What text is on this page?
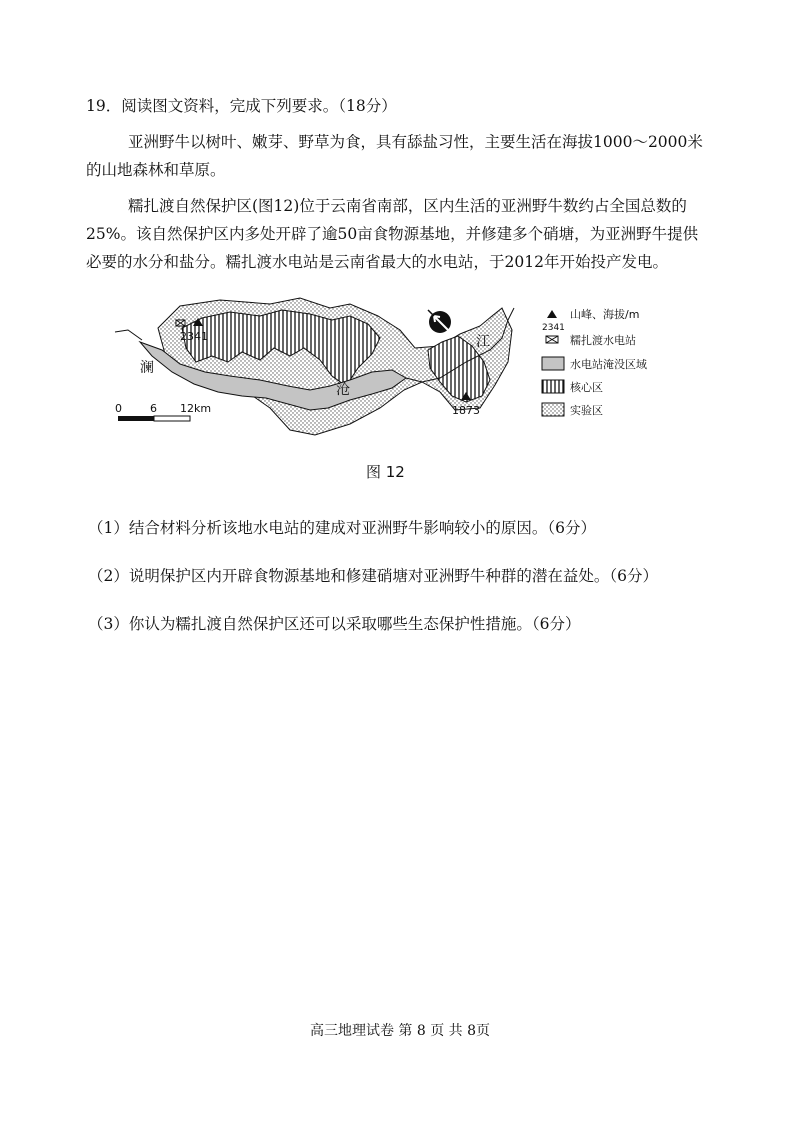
19．阅读图文资料，完成下列要求。（18分）
亚洲野牛以树叶、嫩芽、野草为食，具有舔盐习性，主要生活在海拔1000～2000米
的山地森林和草原。
糯扎渡自然保护区(图12)位于云南省南部，区内生活的亚洲野牛数约占全国总数的
25%。该自然保护区内多处开辟了逾50亩食物源基地，并修建多个硝塘，为亚洲野牛提供
必要的水分和盐分。糯扎渡水电站是云南省最大的水电站，于2012年开始投产发电。
2341
1873
澜
沧
江
0	6 12km
2341
山峰、海拔/m
糯扎渡水电站
水电站淹没区域
核心区
实验区
图 12
（1）结合材料分析该地水电站的建成对亚洲野牛影响较小的原因。（6分）
（2）说明保护区内开辟食物源基地和修建硝塘对亚洲野牛种群的潜在益处。（6分）
（3）你认为糯扎渡自然保护区还可以采取哪些生态保护性措施。（6分）
高三地理试卷 第 8 页 共 8页
